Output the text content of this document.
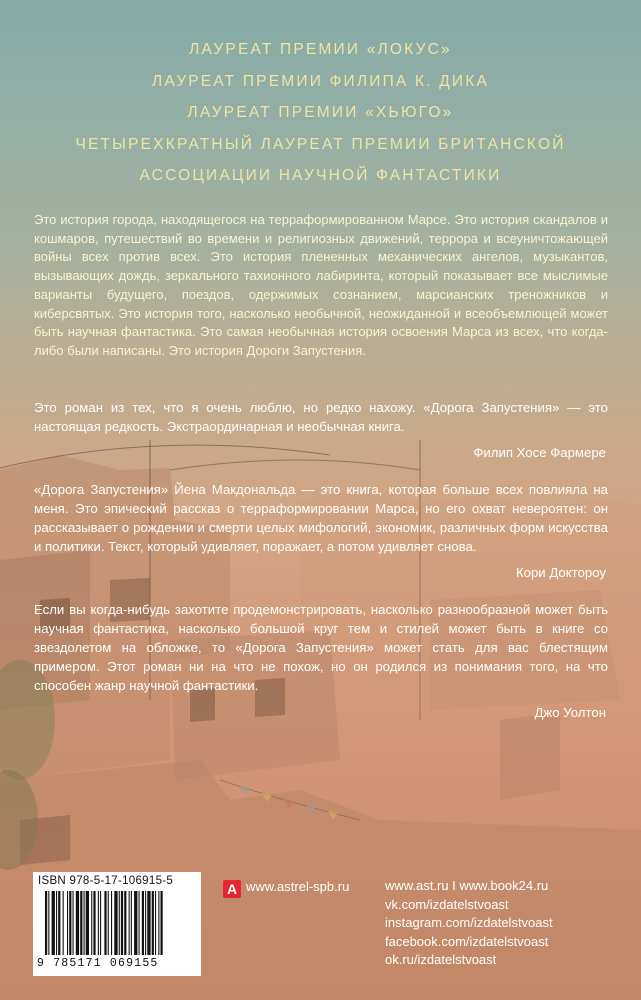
ЛАУРЕАТ ПРЕМИИ «ЛОКУС»
ЛАУРЕАТ ПРЕМИИ ФИЛИПА К. ДИКА
ЛАУРЕАТ ПРЕМИИ «ХЬЮГО»
ЧЕТЫРЕХКРАТНЫЙ ЛАУРЕАТ ПРЕМИИ БРИТАНСКОЙ
АССОЦИАЦИИ НАУЧНОЙ ФАНТАСТИКИ

Это история города, находящегося на терраформированном Марсе. Это история скандалов и кошмаров, путешествий во времени и религиозных движений, террора и всеуничтожающей войны всех против всех. Это история плененных механических ангелов, музыкантов, вызывающих дождь, зеркального тахионного лабиринта, который показывает все мыслимые варианты будущего, поездов, одержимых сознанием, марсианских треножников и киберсвятых. Это история того, насколько необычной, неожиданной и всеобъемлющей может быть научная фантастика. Это самая необычная история освоения Марса из всех, что когда-либо были написаны. Это история Дороги Запустения.

Это роман из тех, что я очень люблю, но редко нахожу. «Дорога Запустения» — это настоящая редкость. Экстраординарная и необычная книга.

Филип Хосе Фармере

«Дорога Запустения» Йена Макдональда — это книга, которая больше всех повлияла на меня. Это эпический рассказ о терраформировании Марса, но его охват невероятен: он рассказывает о рождении и смерти целых мифологий, экономик, различных форм искусства и политики. Текст, который удивляет, поражает, а потом удивляет снова.

Кори Доктороу

Если вы когда-нибудь захотите продемонстрировать, насколько разнообразной может быть научная фантастика, насколько большой круг тем и стилей может быть в книге со звездолетом на обложке, то «Дорога Запустения» может стать для вас блестящим примером. Этот роман ни на что не похож, но он родился из понимания того, на что способен жанр научной фантастики.

Джо Уолтон
ISBN 978-5-17-106915-5
9 785171 069155
A www.astrel-spb.ru	www.ast.ru I www.book24.ru
vk.com/izdatelstvoast
instagram.com/izdatelstvoast
facebook.com/izdatelstvoast
ok.ru/izdatelstvoast
